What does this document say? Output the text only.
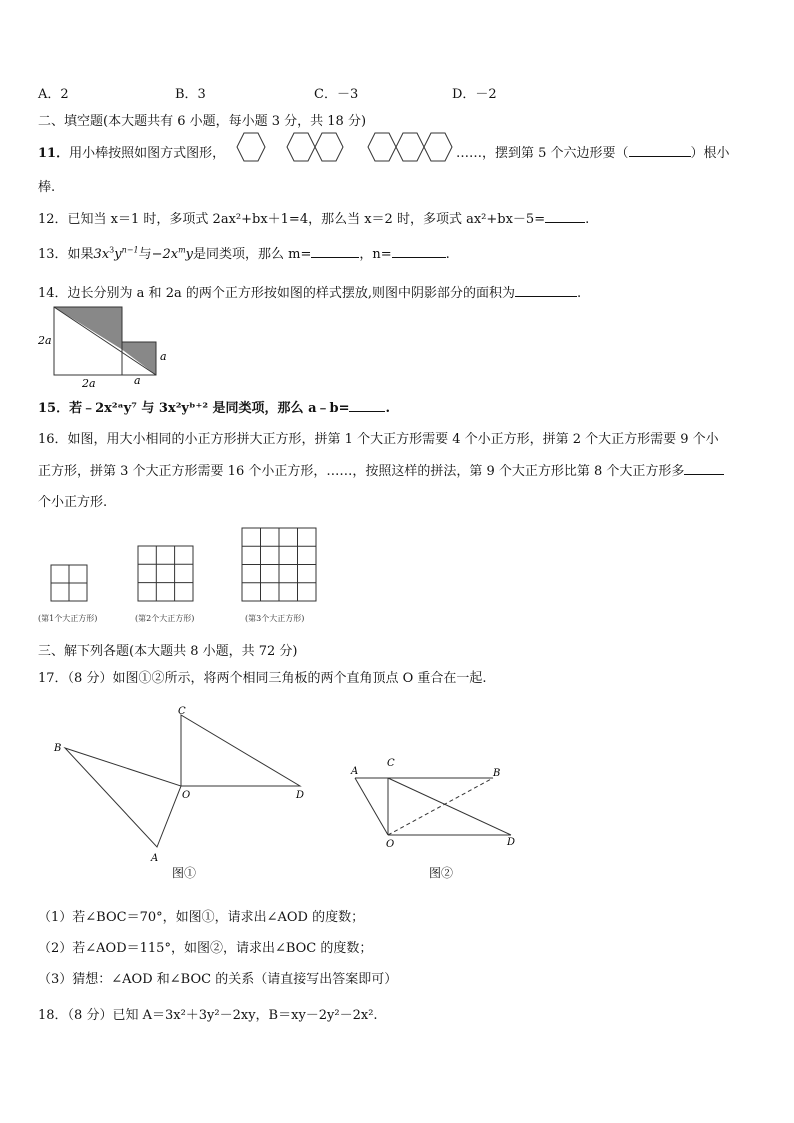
A．2	B．3	C．－3	D．－2
二、填空题(本大题共有 6 小题，每小题 3 分，共 18 分)
11．用小棒按照如图方式图形，	……，摆到第 5 个六边形要（	）根小
棒.
12．已知当 x＝1 时，多项式 2ax²+bx＋1=4，那么当 x＝2 时，多项式 ax²+bx－5=	.
13．如果$3x^3y^{n-1}$与$-2x^my$是同类项，那么 m=	，n=	.
14．边长分别为 a 和 2a 的两个正方形按如图的样式摆放,则图中阴影部分的面积为	.
2a
2a
a
a
15．若﹣2x²ᵃy⁷ 与 3x²yᵇ⁺² 是同类项，那么 a﹣b=	.
16．如图，用大小相同的小正方形拼大正方形，拼第 1 个大正方形需要 4 个小正方形，拼第 2 个大正方形需要 9 个小
正方形，拼第 3 个大正方形需要 16 个小正方形，……，按照这样的拼法，第 9 个大正方形比第 8 个大正方形多
个小正方形.
(第1个大正方形)	(第2个大正方形)	(第3个大正方形)
三、解下列各题(本大题共 8 小题，共 72 分)
17．（8 分）如图①②所示，将两个相同三角板的两个直角顶点 O 重合在一起.
B
C
O	D
A
A
C
B
O	D
图①	图②
（1）若∠BOC＝70°，如图①，请求出∠AOD 的度数；
（2）若∠AOD＝115°，如图②，请求出∠BOC 的度数；
（3）猜想：∠AOD 和∠BOC 的关系（请直接写出答案即可）
18．（8 分）已知 A＝3x²＋3y²－2xy，B＝xy－2y²－2x².
